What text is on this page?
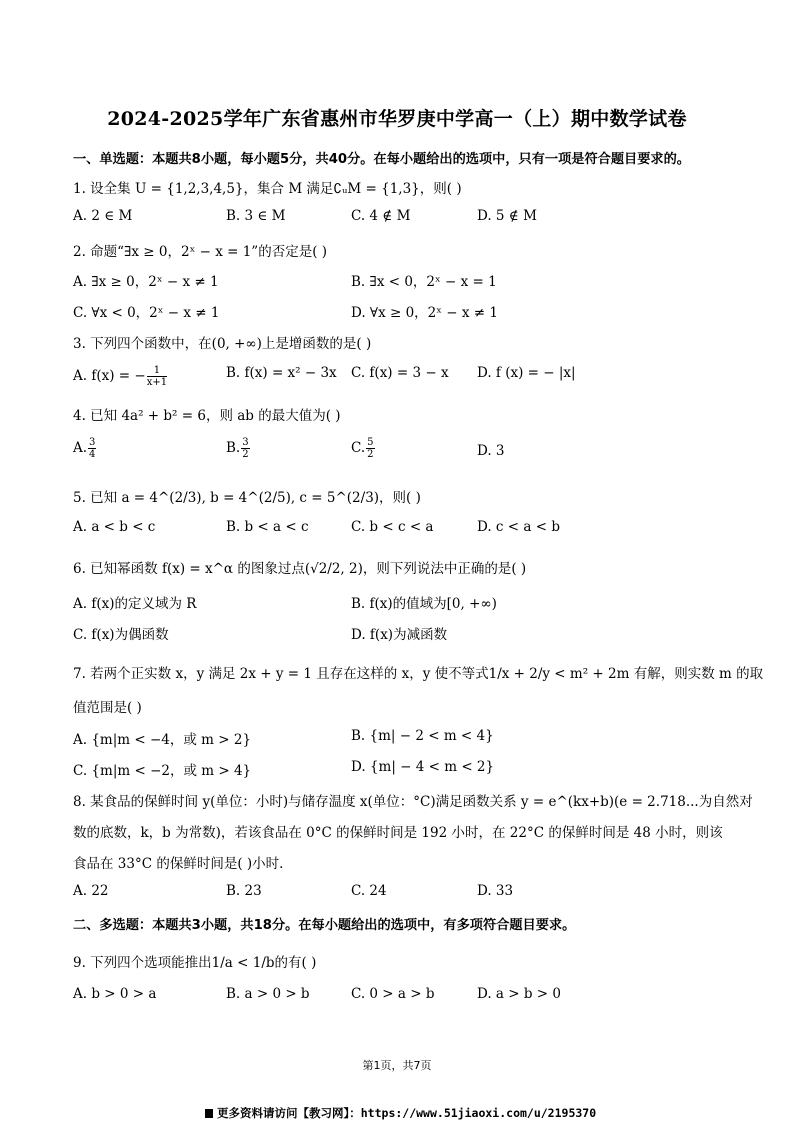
2024-2025学年广东省惠州市华罗庚中学高一（上）期中数学试卷
一、单选题：本题共8小题，每小题5分，共40分。在每小题给出的选项中，只有一项是符合题目要求的。
1. 设全集 U = {1,2,3,4,5}，集合 M 满足∁ᵤM = {1,3}，则( )
A. 2 ∈ M	B. 3 ∈ M	C. 4 ∉ M	D. 5 ∉ M
2. 命题“∃x ≥ 0，2ˣ − x = 1”的否定是( )
A. ∃x ≥ 0，2ˣ − x ≠ 1	B. ∃x < 0，2ˣ − x = 1
C. ∀x < 0，2ˣ − x ≠ 1	D. ∀x ≥ 0，2ˣ − x ≠ 1
3. 下列四个函数中，在(0, +∞)上是增函数的是( )
A. f(x) = − $\frac{1}{x+1}$	B. f(x) = x² − 3x C. f(x) = 3 − x D. f (x) = − |x|
4. 已知 4a² + b² = 6，则 ab 的最大值为( )
A. $\frac{3}{4}$	B. $\frac{3}{2}$	C. $\frac{5}{2}$	D. 3
5. 已知 a = 4^(2/3), b = 4^(2/5), c = 5^(2/3)，则( )
A. a < b < c	B. b < a < c	C. b < c < a	D. c < a < b
6. 已知幂函数 f(x) = x^α 的图象过点(√2/2, 2)，则下列说法中正确的是( )
A. f(x)的定义域为 R	B. f(x)的值域为[0, +∞)
C. f(x)为偶函数	D. f(x)为减函数
7. 若两个正实数 x，y 满足 2x + y = 1 且存在这样的 x，y 使不等式1/x + 2/y < m² + 2m 有解，则实数 m 的取
值范围是( )
A. {m|m < −4，或 m > 2}	B. {m| − 2 < m < 4}
C. {m|m < −2，或 m > 4}	D. {m| − 4 < m < 2}
8. 某食品的保鲜时间 y(单位：小时)与储存温度 x(单位：°C)满足函数关系 y = e^(kx+b)(e = 2.718...为自然对
数的底数，k，b 为常数)，若该食品在 0°C 的保鲜时间是 192 小时，在 22°C 的保鲜时间是 48 小时，则该
食品在 33°C 的保鲜时间是( )小时.
A. 22	B. 23	C. 24	D. 33
二、多选题：本题共3小题，共18分。在每小题给出的选项中，有多项符合题目要求。
9. 下列四个选项能推出1/a < 1/b的有( )
A. b > 0 > a	B. a > 0 > b	C. 0 > a > b	D. a > b > 0
第1页，共7页
更多资料请访问【教习网】：https://www.51jiaoxi.com/u/2195370
